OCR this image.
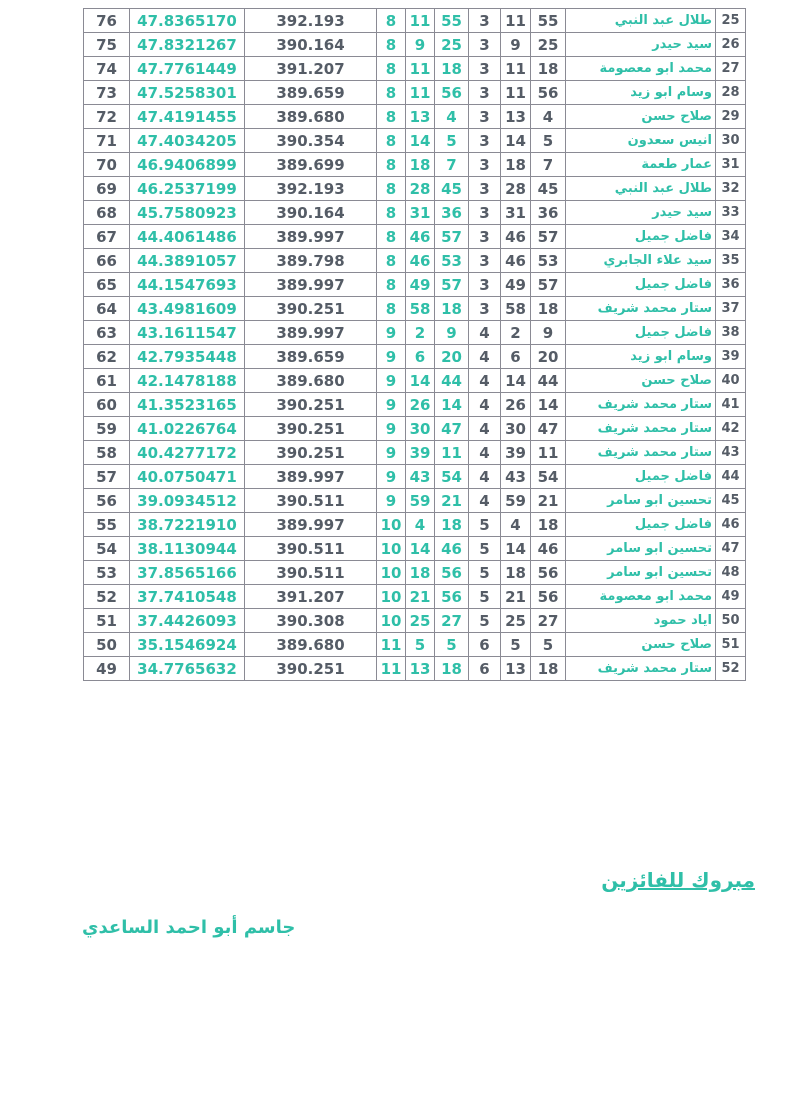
76	47.8365170	392.193	8	11	55	3	11	55	طلال عبد النبي	25
75	47.8321267	390.164	8	9	25	3	9	25	سيد حيدر	26
74	47.7761449	391.207	8	11	18	3	11	18	محمد ابو معصومة	27
73	47.5258301	389.659	8	11	56	3	11	56	وسام ابو زيد	28
72	47.4191455	389.680	8	13	4	3	13	4	صلاح حسن	29
71	47.4034205	390.354	8	14	5	3	14	5	انيس سعدون	30
70	46.9406899	389.699	8	18	7	3	18	7	عمار طعمة	31
69	46.2537199	392.193	8	28	45	3	28	45	طلال عبد النبي	32
68	45.7580923	390.164	8	31	36	3	31	36	سيد حيدر	33
67	44.4061486	389.997	8	46	57	3	46	57	فاضل جميل	34
66	44.3891057	389.798	8	46	53	3	46	53	سيد علاء الجابري	35
65	44.1547693	389.997	8	49	57	3	49	57	فاضل جميل	36
64	43.4981609	390.251	8	58	18	3	58	18	ستار محمد شريف	37
63	43.1611547	389.997	9	2	9	4	2	9	فاضل جميل	38
62	42.7935448	389.659	9	6	20	4	6	20	وسام ابو زيد	39
61	42.1478188	389.680	9	14	44	4	14	44	صلاح حسن	40
60	41.3523165	390.251	9	26	14	4	26	14	ستار محمد شريف	41
59	41.0226764	390.251	9	30	47	4	30	47	ستار محمد شريف	42
58	40.4277172	390.251	9	39	11	4	39	11	ستار محمد شريف	43
57	40.0750471	389.997	9	43	54	4	43	54	فاضل جميل	44
56	39.0934512	390.511	9	59	21	4	59	21	تحسين ابو سامر	45
55	38.7221910	389.997	10	4	18	5	4	18	فاضل جميل	46
54	38.1130944	390.511	10	14	46	5	14	46	تحسين ابو سامر	47
53	37.8565166	390.511	10	18	56	5	18	56	تحسين ابو سامر	48
52	37.7410548	391.207	10	21	56	5	21	56	محمد ابو معصومة	49
51	37.4426093	390.308	10	25	27	5	25	27	اياد حمود	50
50	35.1546924	389.680	11	5	5	6	5	5	صلاح حسن	51
49	34.7765632	390.251	11	13	18	6	13	18	ستار محمد شريف	52
مبروك للفائزين
جاسم أبو احمد الساعدي
